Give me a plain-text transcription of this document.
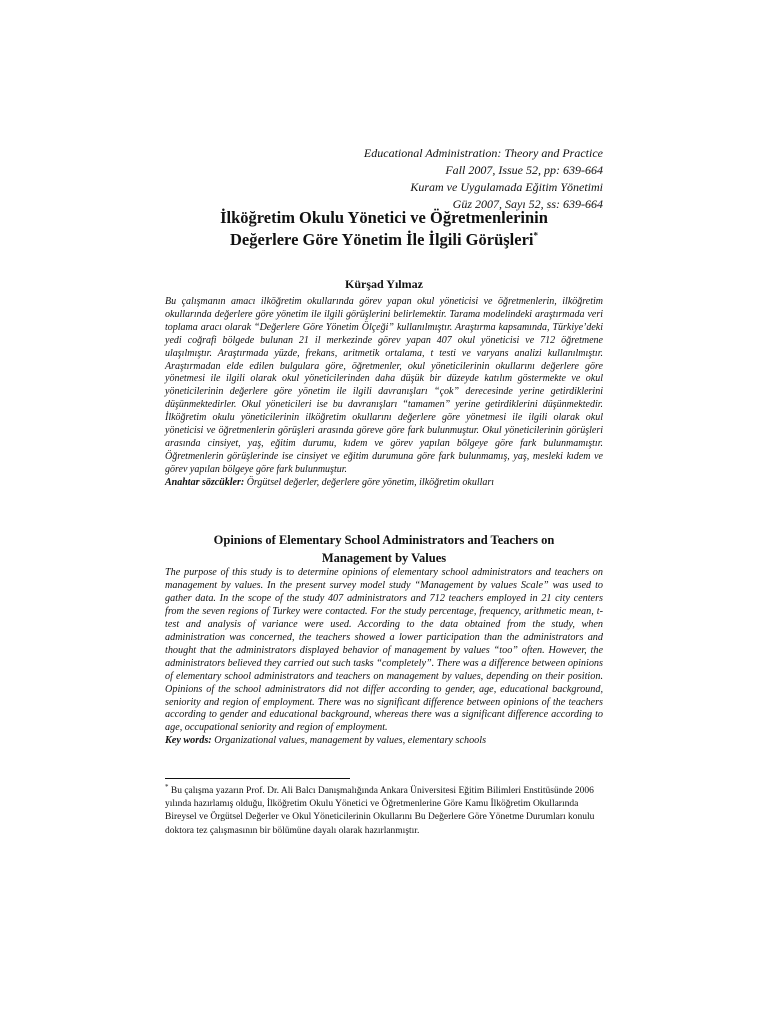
Educational Administration: Theory and Practice
Fall 2007, Issue 52, pp: 639-664
Kuram ve Uygulamada Eğitim Yönetimi
Güz 2007, Sayı 52, ss: 639-664
İlköğretim Okulu Yönetici ve Öğretmenlerinin
Değerlere Göre Yönetim İle İlgili Görüşleri*
Kürşad Yılmaz
Bu çalışmanın amacı ilköğretim okullarında görev yapan okul yöneticisi ve öğretmenlerin, ilköğretim okullarında değerlere göre yönetim ile ilgili görüşlerini belirlemektir. Tarama modelindeki araştırmada veri toplama aracı olarak “Değerlere Göre Yönetim Ölçeği” kullanılmıştır. Araştırma kapsamında, Türkiye’deki yedi coğrafi bölgede bulunan 21 il merkezinde görev yapan 407 okul yöneticisi ve 712 öğretmene ulaşılmıştır. Araştırmada yüzde, frekans, aritmetik ortalama, t testi ve varyans analizi kullanılmıştır. Araştırmadan elde edilen bulgulara göre, öğretmenler, okul yöneticilerinin okullarını değerlere göre yönetmesi ile ilgili olarak okul yöneticilerinden daha düşük bir düzeyde katılım göstermekte ve okul yöneticilerinin değerlere göre yönetim ile ilgili davranışları “çok” derecesinde yerine getirdiklerini düşünmektedirler. Okul yöneticileri ise bu davranışları “tamamen” yerine getirdiklerini düşünmektedir. İlköğretim okulu yöneticilerinin ilköğretim okullarını değerlere göre yönetmesi ile ilgili olarak okul yöneticisi ve öğretmenlerin görüşleri arasında göreve göre fark bulunmuştur. Okul yöneticilerinin görüşleri arasında cinsiyet, yaş, eğitim durumu, kıdem ve görev yapılan bölgeye göre fark bulunmamıştır. Öğretmenlerin görüşlerinde ise cinsiyet ve eğitim durumuna göre fark bulunmamış, yaş, mesleki kıdem ve görev yapılan bölgeye göre fark bulunmuştur.
Anahtar sözcükler: Örgütsel değerler, değerlere göre yönetim, ilköğretim okulları
Opinions of Elementary School Administrators and Teachers on
Management by Values
The purpose of this study is to determine opinions of elementary school administrators and teachers on management by values. In the present survey model study “Management by values Scale” was used to gather data. In the scope of the study 407 administrators and 712 teachers employed in 21 city centers from the seven regions of Turkey were contacted. For the study percentage, frequency, arithmetic mean, t-test and analysis of variance were used. According to the data obtained from the study, when administration was concerned, the teachers showed a lower participation than the administrators and thought that the administrators displayed behavior of management by values “too” often. However, the administrators believed they carried out such tasks “completely”. There was a difference between opinions of elementary school administrators and teachers on management by values, depending on their position. Opinions of the school administrators did not differ according to gender, age, educational background, seniority and region of employment. There was no significant difference between opinions of the teachers according to gender and educational background, whereas there was a significant difference according to age, occupational seniority and region of employment.
Key words: Organizational values, management by values, elementary schools
* Bu çalışma yazarın Prof. Dr. Ali Balcı Danışmalığında Ankara Üniversitesi Eğitim Bilimleri Enstitüsünde 2006 yılında hazırlamış olduğu, İlköğretim Okulu Yönetici ve Öğretmenlerine Göre Kamu İlköğretim Okullarında Bireysel ve Örgütsel Değerler ve Okul Yöneticilerinin Okullarını Bu Değerlere Göre Yönetme Durumları konulu doktora tez çalışmasının bir bölümüne dayalı olarak hazırlanmıştır.
